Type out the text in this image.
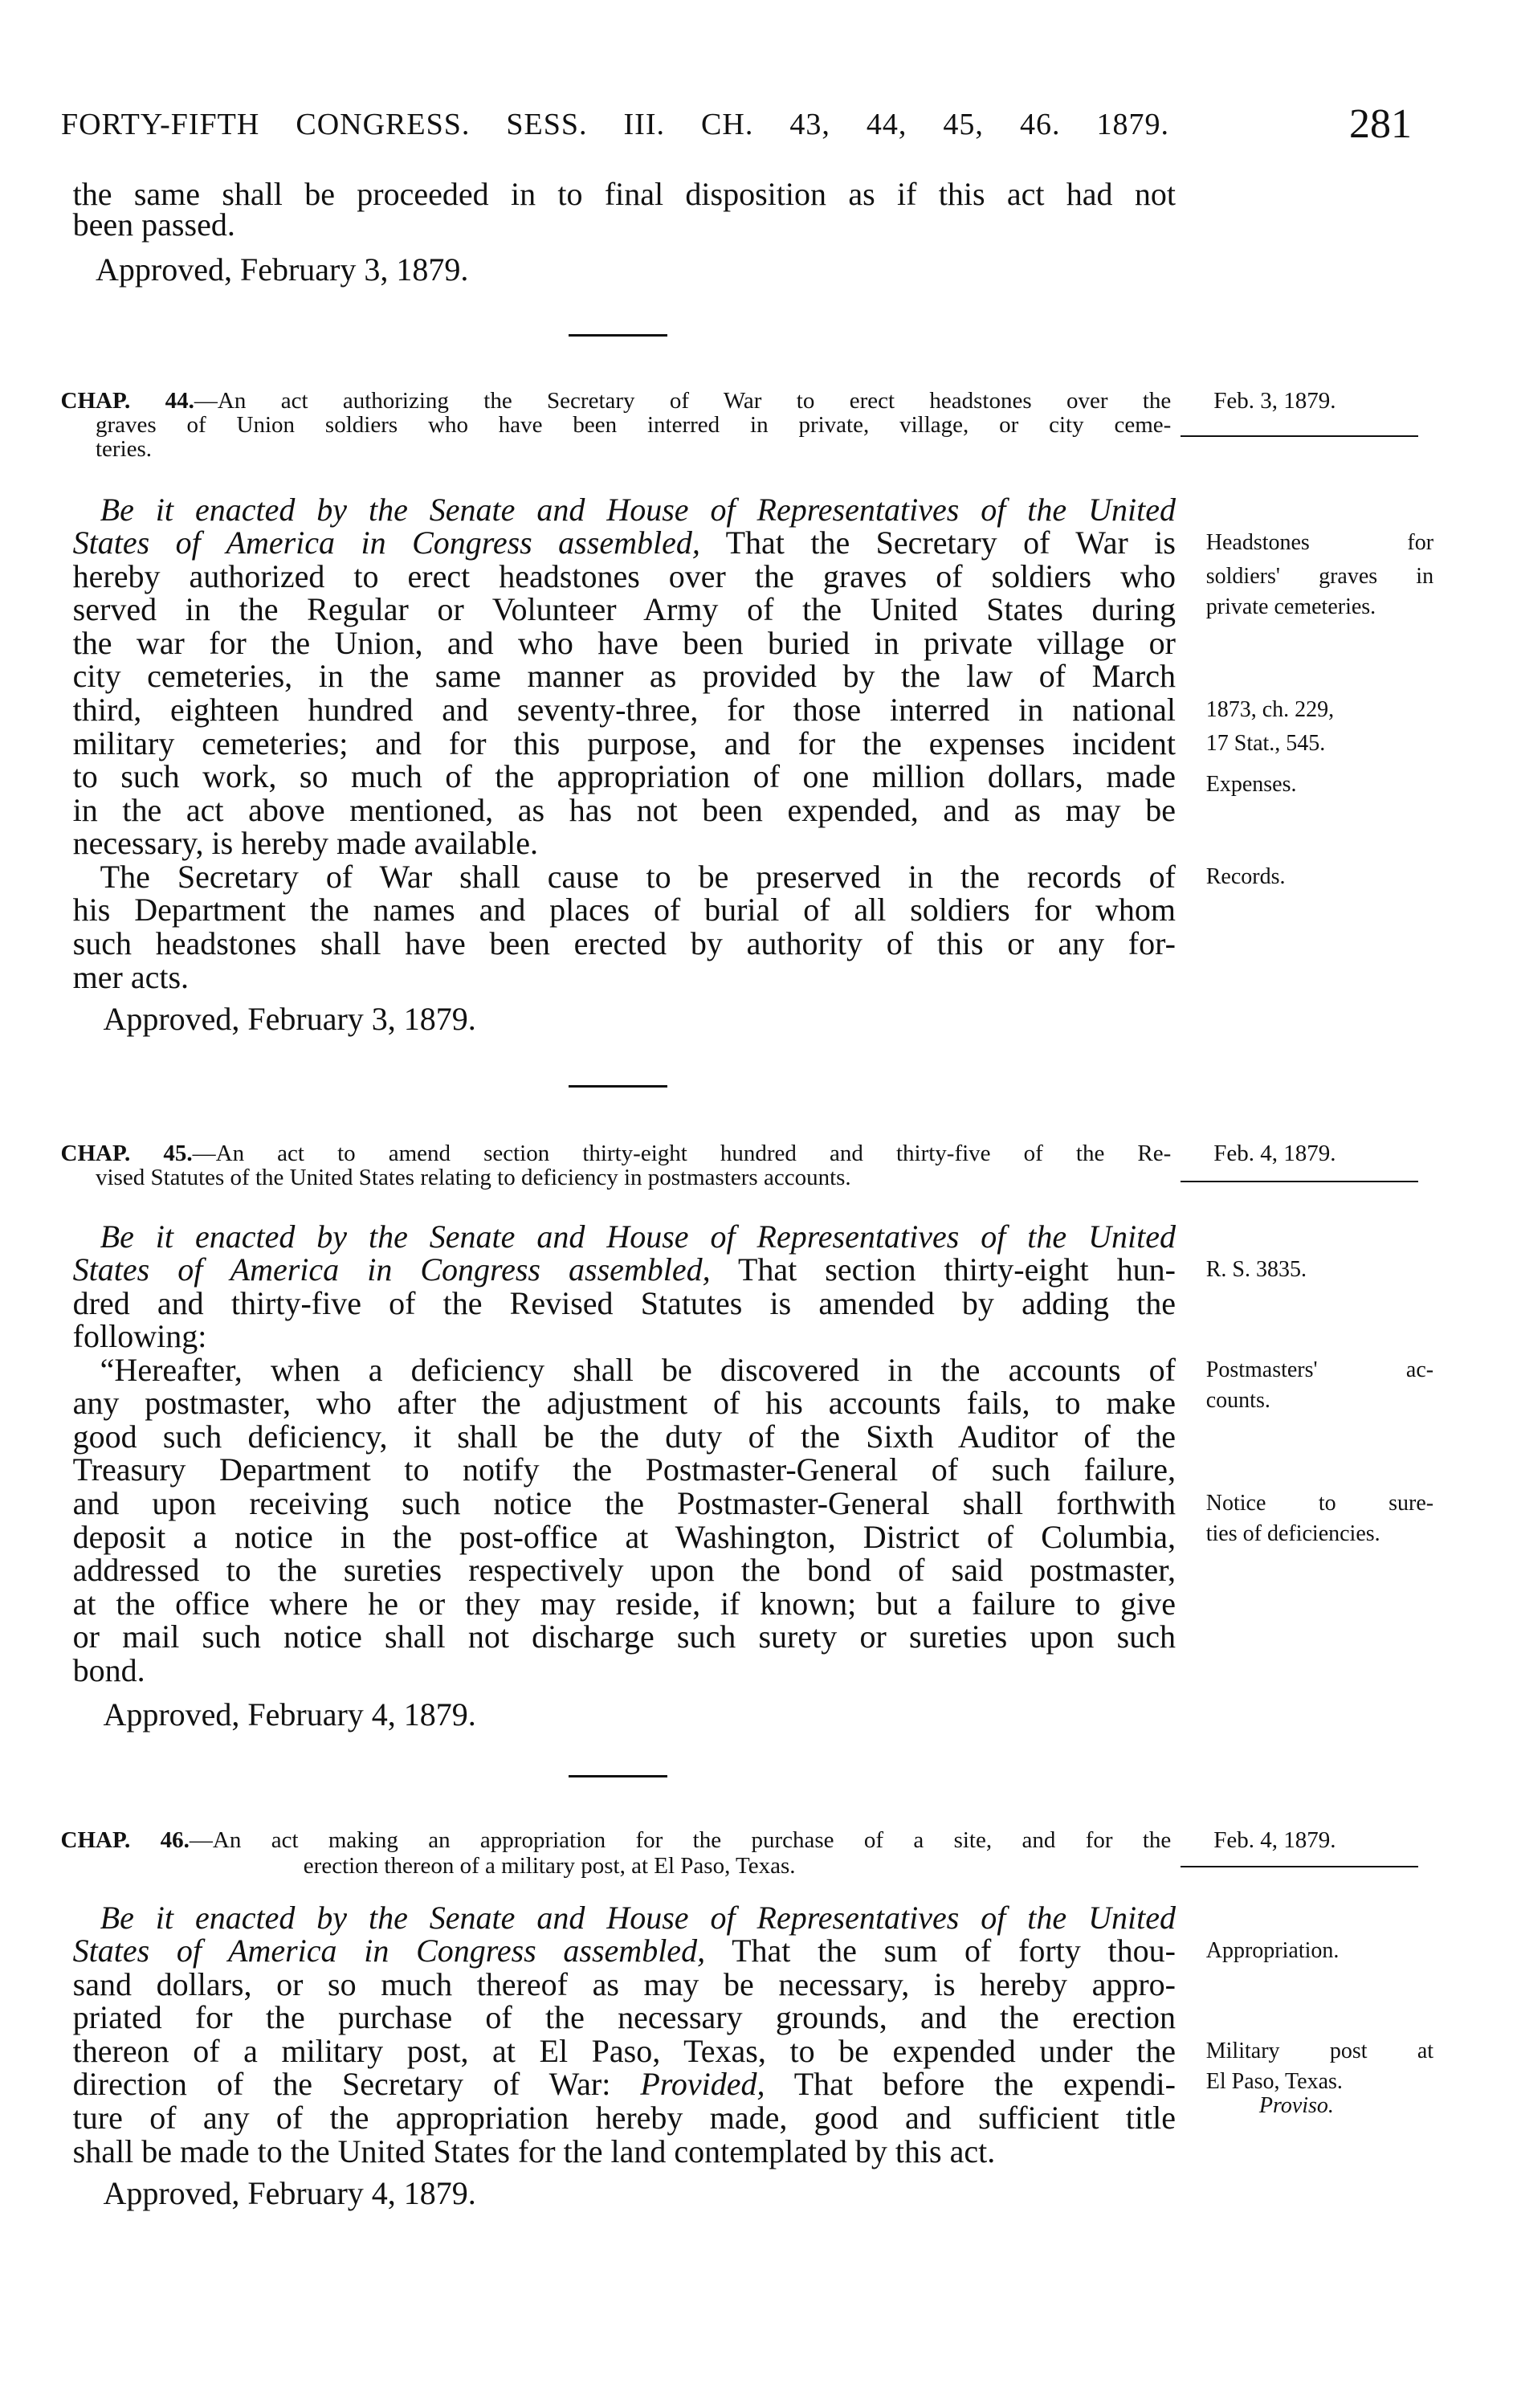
FORTY-FIFTH CONGRESS. SESS. III. CH. 43, 44, 45, 46. 1879.	281
the same shall be proceeded in to final disposition as if this act had not
been passed.
Approved, February 3, 1879.
CHAP. 44.—An act authorizing the Secretary of War to erect headstones over the
graves of Union soldiers who have been interred in private, village, or city ceme-
teries.
Feb. 3, 1879.
Be it enacted by the Senate and House of Representatives of the United
States of America in Congress assembled, That the Secretary of War is
hereby authorized to erect headstones over the graves of soldiers who
served in the Regular or Volunteer Army of the United States during
the war for the Union, and who have been buried in private village or
city cemeteries, in the same manner as provided by the law of March
third, eighteen hundred and seventy-three, for those interred in national
military cemeteries; and for this purpose, and for the expenses incident
to such work, so much of the appropriation of one million dollars, made
in the act above mentioned, as has not been expended, and as may be
necessary, is hereby made available.
The Secretary of War shall cause to be preserved in the records of
his Department the names and places of burial of all soldiers for whom
such headstones shall have been erected by authority of this or any for-
mer acts.
Approved, February 3, 1879.
Headstones for
soldiers' graves in
private cemeteries.
1873, ch. 229,
17 Stat., 545.
Expenses.
Records.
CHAP. 45.—An act to amend section thirty-eight hundred and thirty-five of the Re-
vised Statutes of the United States relating to deficiency in postmasters accounts.
Feb. 4, 1879.
Be it enacted by the Senate and House of Representatives of the United
States of America in Congress assembled, That section thirty-eight hun-
dred and thirty-five of the Revised Statutes is amended by adding the
following:
“Hereafter, when a deficiency shall be discovered in the accounts of
any postmaster, who after the adjustment of his accounts fails, to make
good such deficiency, it shall be the duty of the Sixth Auditor of the
Treasury Department to notify the Postmaster-General of such failure,
and upon receiving such notice the Postmaster-General shall forthwith
deposit a notice in the post-office at Washington, District of Columbia,
addressed to the sureties respectively upon the bond of said postmaster,
at the office where he or they may reside, if known; but a failure to give
or mail such notice shall not discharge such surety or sureties upon such
bond.
Approved, February 4, 1879.
R. S. 3835.
Postmasters' ac-
counts.
Notice to sure-
ties of deficiencies.
CHAP. 46.—An act making an appropriation for the purchase of a site, and for the
erection thereon of a military post, at El Paso, Texas.
Feb. 4, 1879.
Be it enacted by the Senate and House of Representatives of the United
States of America in Congress assembled, That the sum of forty thou-
sand dollars, or so much thereof as may be necessary, is hereby appro-
priated for the purchase of the necessary grounds, and the erection
thereon of a military post, at El Paso, Texas, to be expended under the
direction of the Secretary of War: Provided, That before the expendi-
ture of any of the appropriation hereby made, good and sufficient title
shall be made to the United States for the land contemplated by this act.
Approved, February 4, 1879.
Appropriation.
Military post at
El Paso, Texas.
Proviso.
